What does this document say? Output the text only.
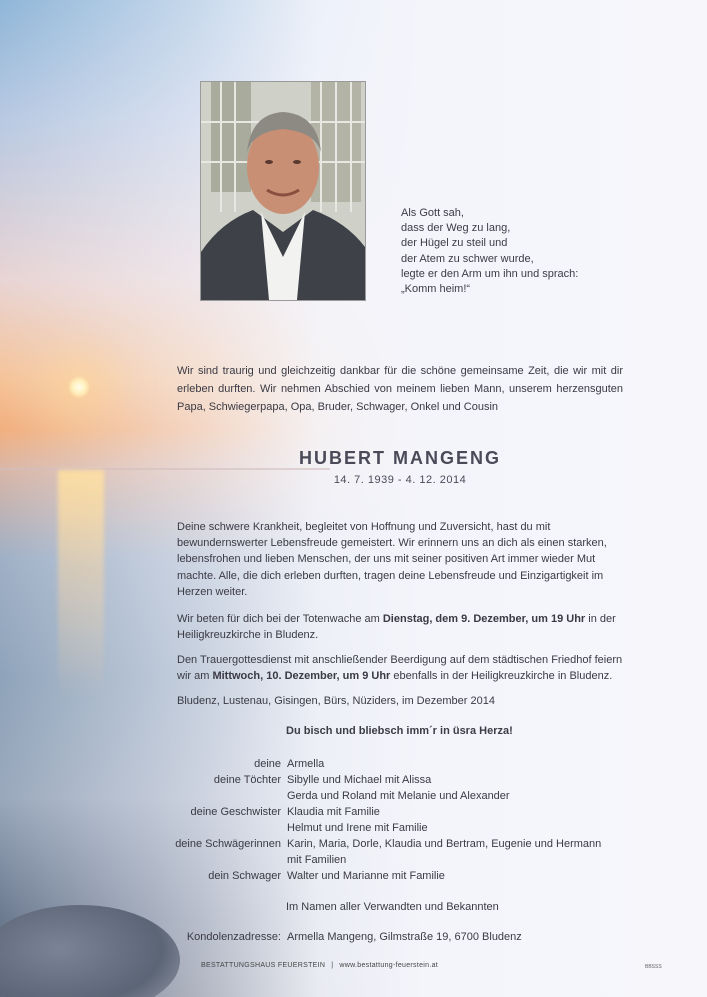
Als Gott sah,
dass der Weg zu lang,
der Hügel zu steil und
der Atem zu schwer wurde,
legte er den Arm um ihn und sprach:
„Komm heim!“
Wir sind traurig und gleichzeitig dankbar für die schöne gemeinsame Zeit, die wir mit dir erleben durften. Wir nehmen Abschied von meinem lieben Mann, unserem herzensguten Papa, Schwiegerpapa, Opa, Bruder, Schwager, Onkel und Cousin
HUBERT MANGENG
14. 7. 1939 - 4. 12. 2014
Deine schwere Krankheit, begleitet von Hoffnung und Zuversicht, hast du mit bewundernswerter Lebensfreude gemeistert. Wir erinnern uns an dich als einen starken, lebensfrohen und lieben Menschen, der uns mit seiner positiven Art immer wieder Mut machte. Alle, die dich erleben durften, tragen deine Lebensfreude und Einzigartigkeit im Herzen weiter.
Wir beten für dich bei der Totenwache am Dienstag, dem 9. Dezember, um 19 Uhr in der Heiligkreuzkirche in Bludenz.
Den Trauergottesdienst mit anschließender Beerdigung auf dem städtischen Friedhof feiern wir am Mittwoch, 10. Dezember, um 9 Uhr ebenfalls in der Heiligkreuzkirche in Bludenz.
Bludenz, Lustenau, Gisingen, Bürs, Nüziders, im Dezember 2014
Du bisch und bliebsch imm´r in üsra Herza!
deine Armella
deine Töchter Sibylle und Michael mit Alissa
Gerda und Roland mit Melanie und Alexander
deine Geschwister Klaudia mit Familie
Helmut und Irene mit Familie
deine Schwägerinnen Karin, Maria, Dorle, Klaudia und Bertram, Eugenie und Hermann
mit Familien
dein Schwager Walter und Marianne mit Familie
Im Namen aller Verwandten und Bekannten
Kondolenzadresse: Armella Mangeng, Gilmstraße 19, 6700 Bludenz
BESTATTUNGSHAUS FEUERSTEIN | www.bestattung-feuerstein.at	BBSSS
